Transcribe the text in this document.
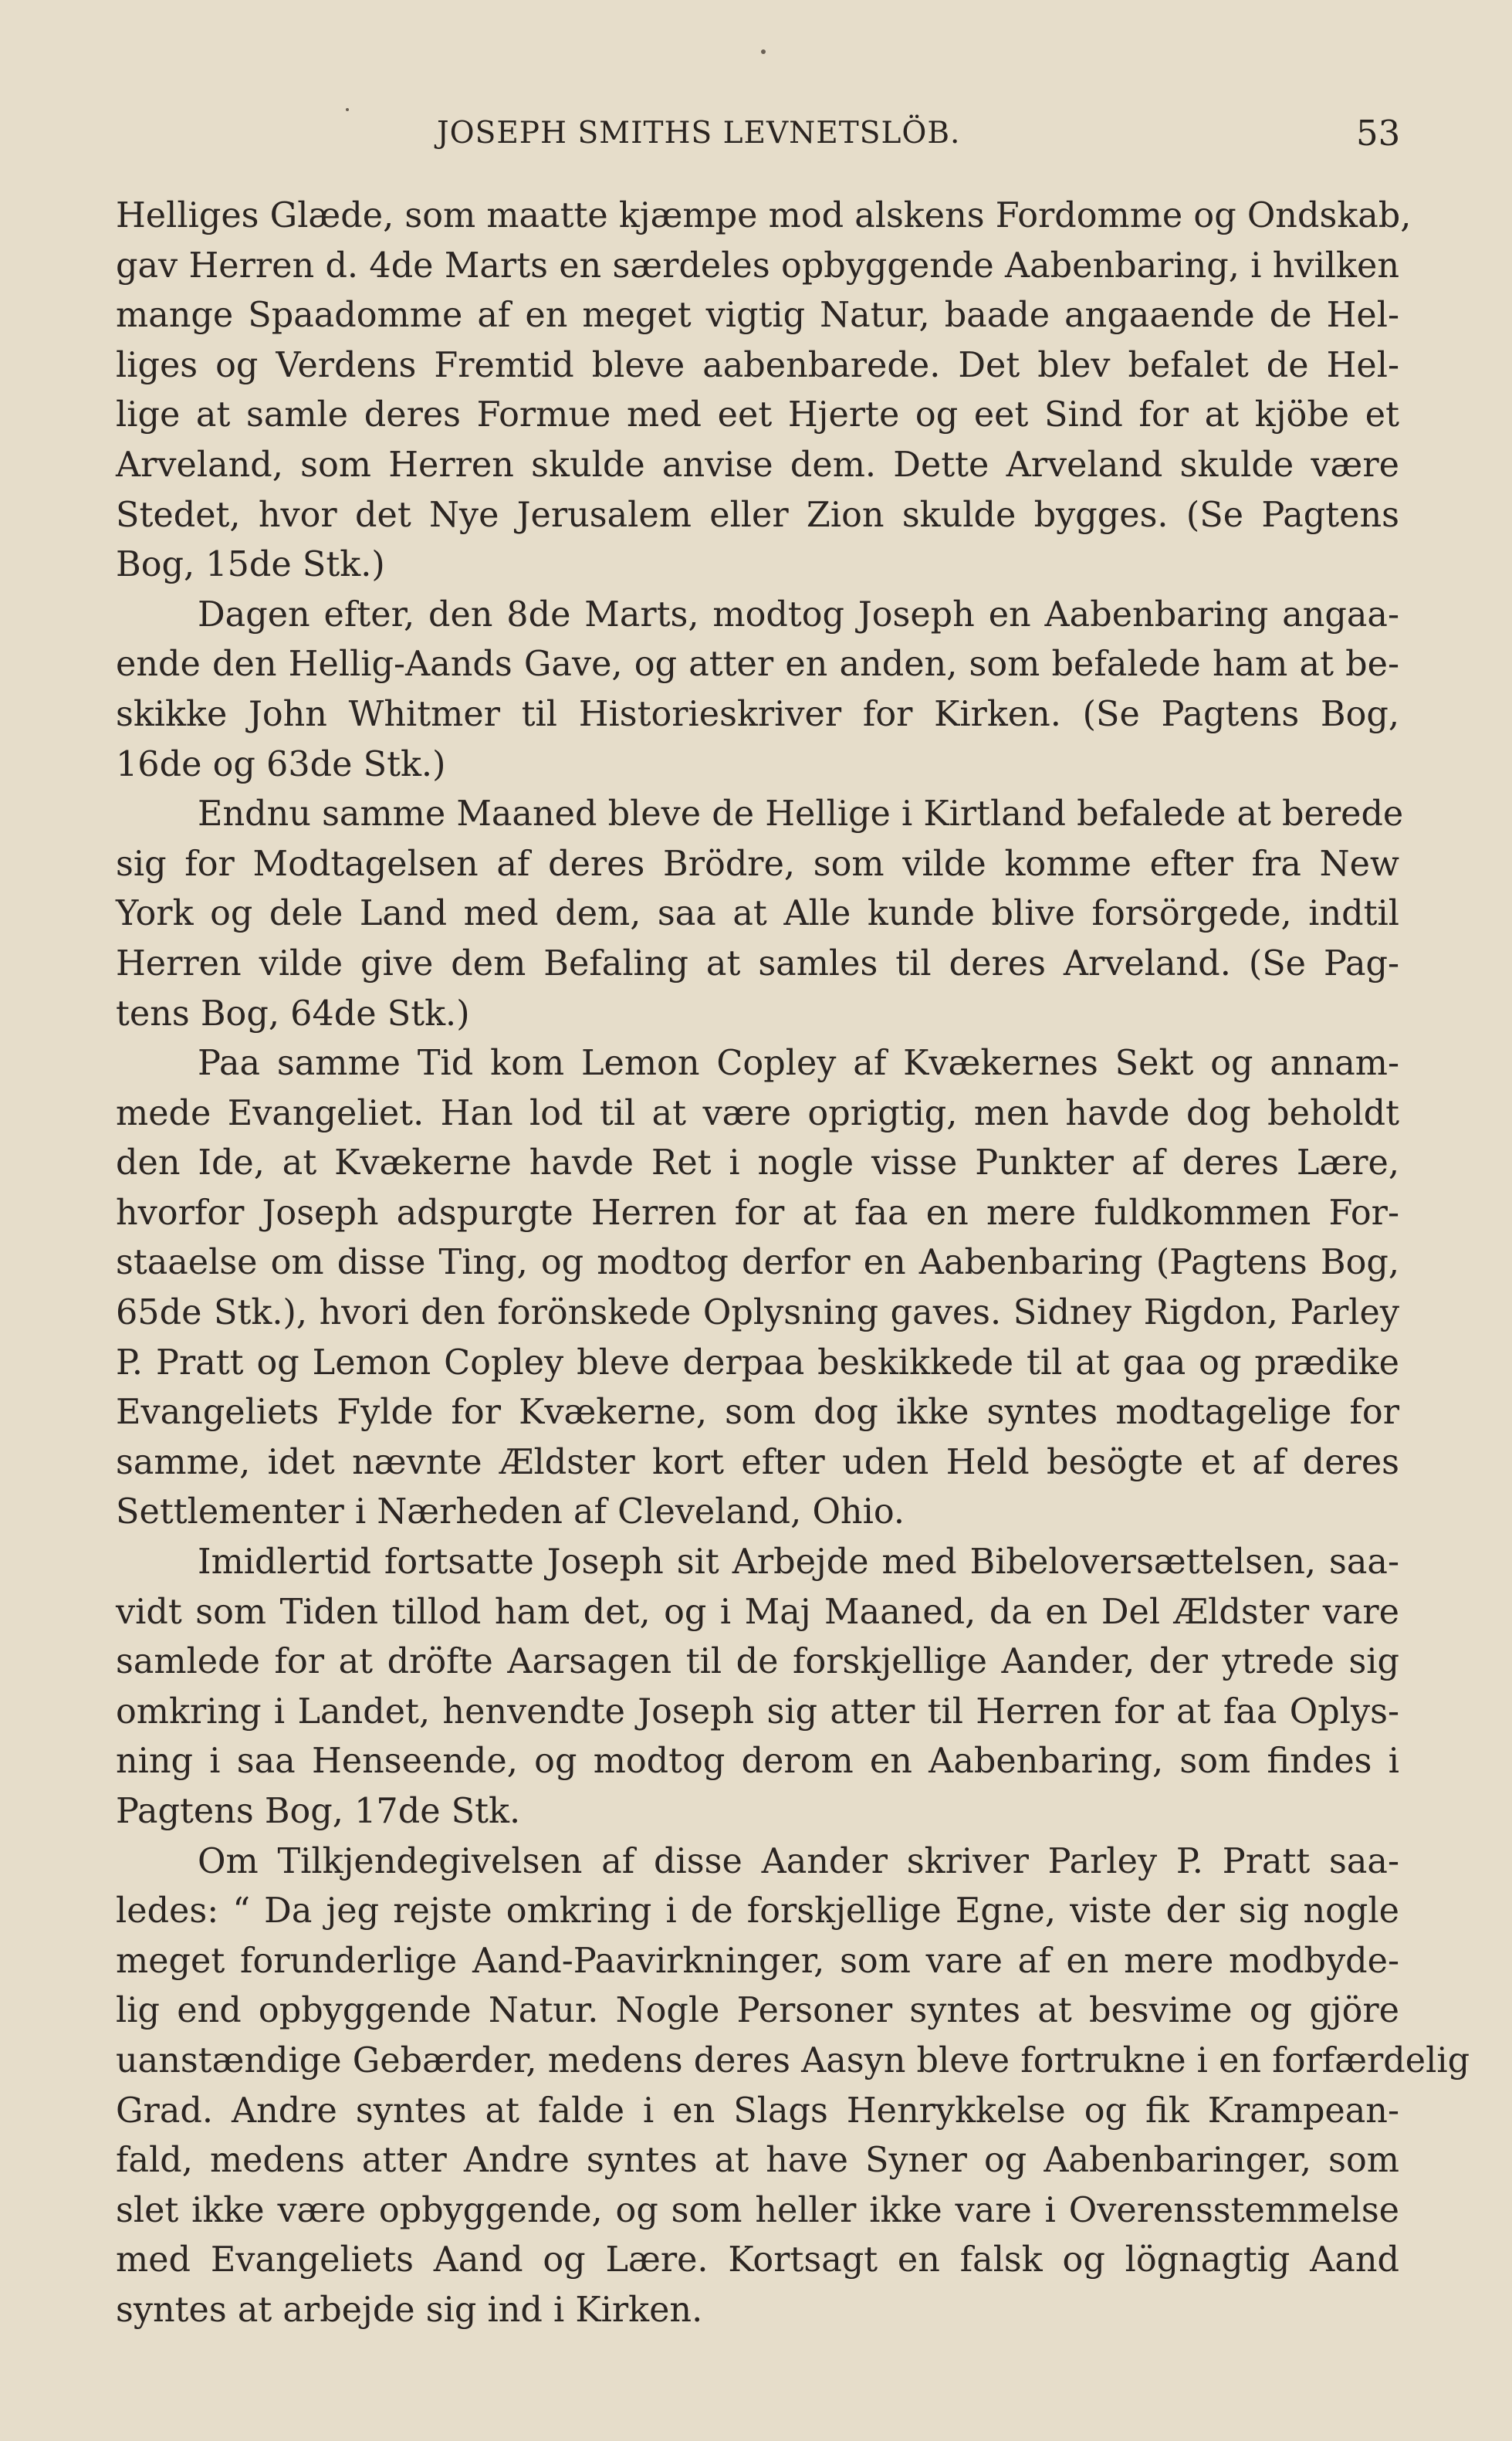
JOSEPH SMITHS LEVNETSLÖB.	53

Helliges Glæde, som maatte kjæmpe mod alskens Fordomme og Ondskab,
gav Herren d. 4de Marts en særdeles opbyggende Aabenbaring, i hvilken
mange Spaadomme af en meget vigtig Natur, baade angaaende de Hel-
liges og Verdens Fremtid bleve aabenbarede. Det blev befalet de Hel-
lige at samle deres Formue med eet Hjerte og eet Sind for at kjöbe et
Arveland, som Herren skulde anvise dem. Dette Arveland skulde være
Stedet, hvor det Nye Jerusalem eller Zion skulde bygges. (Se Pagtens
Bog, 15de Stk.)

Dagen efter, den 8de Marts, modtog Joseph en Aabenbaring angaa-
ende den Hellig-Aands Gave, og atter en anden, som befalede ham at be-
skikke John Whitmer til Historieskriver for Kirken. (Se Pagtens Bog,
16de og 63de Stk.)

Endnu samme Maaned bleve de Hellige i Kirtland befalede at berede
sig for Modtagelsen af deres Brödre, som vilde komme efter fra New
York og dele Land med dem, saa at Alle kunde blive forsörgede, indtil
Herren vilde give dem Befaling at samles til deres Arveland. (Se Pag-
tens Bog, 64de Stk.)

Paa samme Tid kom Lemon Copley af Kvækernes Sekt og annam-
mede Evangeliet. Han lod til at være oprigtig, men havde dog beholdt
den Ide, at Kvækerne havde Ret i nogle visse Punkter af deres Lære,
hvorfor Joseph adspurgte Herren for at faa en mere fuldkommen For-
staaelse om disse Ting, og modtog derfor en Aabenbaring (Pagtens Bog,
65de Stk.), hvori den forönskede Oplysning gaves. Sidney Rigdon, Parley
P. Pratt og Lemon Copley bleve derpaa beskikkede til at gaa og prædike
Evangeliets Fylde for Kvækerne, som dog ikke syntes modtagelige for
samme, idet nævnte Ældster kort efter uden Held besögte et af deres
Settlementer i Nærheden af Cleveland, Ohio.

Imidlertid fortsatte Joseph sit Arbejde med Bibeloversættelsen, saa-
vidt som Tiden tillod ham det, og i Maj Maaned, da en Del Ældster vare
samlede for at dröfte Aarsagen til de forskjellige Aander, der ytrede sig
omkring i Landet, henvendte Joseph sig atter til Herren for at faa Oplys-
ning i saa Henseende, og modtog derom en Aabenbaring, som findes i
Pagtens Bog, 17de Stk.

Om Tilkjendegivelsen af disse Aander skriver Parley P. Pratt saa-
ledes: “ Da jeg rejste omkring i de forskjellige Egne, viste der sig nogle
meget forunderlige Aand-Paavirkninger, som vare af en mere modbyde-
lig end opbyggende Natur. Nogle Personer syntes at besvime og gjöre
uanstændige Gebærder, medens deres Aasyn bleve fortrukne i en forfærdelig
Grad. Andre syntes at falde i en Slags Henrykkelse og fik Krampean-
fald, medens atter Andre syntes at have Syner og Aabenbaringer, som
slet ikke være opbyggende, og som heller ikke vare i Overensstemmelse
med Evangeliets Aand og Lære. Kortsagt en falsk og lögnagtig Aand
syntes at arbejde sig ind i Kirken.
